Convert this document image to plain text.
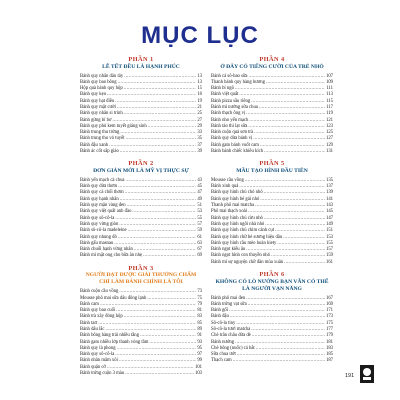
MỤC LỤC
PHẦN 1
LỄ TẾT ĐỀU LÀ HẠNH PHÚC
Bánh quy nhân dâu tây .....	13
Bánh quy bao bông .....	13
Hộp quà bánh quy hộp .....	15
Bánh quy kẹo .....	16
Bánh quy hạt điều .....	19
Bánh quy mặt cười .....	21
Bánh quy nhân si trinh .....	25
Bánh gừng bí bơ .....	27
Bánh quy phủ kem tuyết giáng sinh .....	29
Bánh trung thu trứng .....	33
Bánh trung thu vỏ tuyết .....	35
Bánh đậu xanh .....	37
Bánh ác cốt sắp giáo .....	39
PHẦN 2
ĐƠN GIẢN MỚI LÀ MỸ VỊ THỰC SỰ
Bánh yến mạch cà chua .....	43
Bánh quy dừa thơm .....	45
Bánh quy cà chối thơm .....	47
Bánh quy hạnh nhân .....	49
Bánh quy mận vàng đen .....	51
Bánh quy việt quất anh đào .....	53
Bánh quy sô-cô-la .....	55
Bánh quy vừng giòn .....	57
Bánh sô-cô-la madeleine .....	59
Bánh quy nhung đỏ .....	61
Bánh gấu masnau .....	63
Bánh chuối hạnh vừng nhân .....	67
Bánh mì mặt ong cho bữa ăn nhẹ .....	69
PHẦN 3
NGƯỜI ĐẠT ĐƯỢC GIẢI THƯỞNG CHẤM CHỈ LÀM BÁNH CHÍNH LÀ TÔI
Bánh cuộn cầu vồng .....	73
Mousse phô mai sữa dâu đông lạnh .....	75
Bánh cam .....	79
Bánh quy bao cuối .....	81
Bánh trà xây đóng hộp .....	83
Bánh tart .....	85
Bánh dâu lắc .....	89
Bánh bông hàng trái nhiều tầng .....	91
Bánh gato nhiều lớp thanh vòng tầm .....	93
Bánh quy lá phong .....	95
Bánh quy sô-cô-la .....	97
Bánh nhân mâm xôi .....	99
Bánh quận cờ .....	101
Bánh trứng cuộn 3 màu .....	103
PHẦN 4
Ở ĐÂY CÓ TIẾNG CƯỜI CỦA TRẺ NHỎ
Bánh cá sô-bao sữa .....	107
Thanh bánh quy hàng hương .....	109
Bánh bí ngô .....	111
Bánh việt quất .....	113
Bánh pizza sầu riêng .....	115
Bánh mì nướng sữa chua .....	117
Bánh thạch ông vị .....	119
Bánh nho yến mạch .....	121
Bánh táo thì lạt sữa .....	123
Bánh cuộn quả sơn trà .....	125
Bánh quy dừa bánh vị .....	127
Bánh gato bánh vuốt cam .....	129
Bánh bánh chiếc khiêu kích .....	131
PHẦN 5
MẦU TẠO HÌNH ĐẦU TIÊN
Mousse cầu vồng .....	135
Bánh xinh quả .....	137
Bánh quy hình chú chó nhỏ .....	139
Bánh quy hình bé gái nhỏ .....	141
Thanh phô mai matcha .....	143
Phô mai thạch xoài .....	145
Bánh quy hình chú cừu nhỏ .....	147
Bánh quy hình ngôi nhà nhỏ .....	149
Bánh quy hình chú chim cánh cụt .....	151
Bánh quy hình chữ bé sương hiệu dâu .....	153
Bánh quy hình cầu mèo hoàn kiety .....	155
Bánh ngọt kiểu âu .....	157
Bánh ngọt hình con thuyền nhỏ .....	159
Bánh mì sự nguyện chữ đàn mùa xuân .....	161
PHẦN 6
KHÔNG CÓ LÒ NƯỚNG BẠN VẪN CÓ THỂ LÀ NGƯỜI VẠN NĂNG
Bánh phô mai đen .....	167
Bánh trứng vạt sữa .....	169
Bánh gối .....	171
Bánh đậu .....	173
Sô-cô-la tiny .....	175
Sô-cô-la tươi matcha .....	177
Chè trân châu dừa dẻ .....	179
Bánh nướng .....	181
Chè bông (nuốc) cá bắt .....	183
Sữa chua ướt .....	185
Thạch cam .....	187
191
